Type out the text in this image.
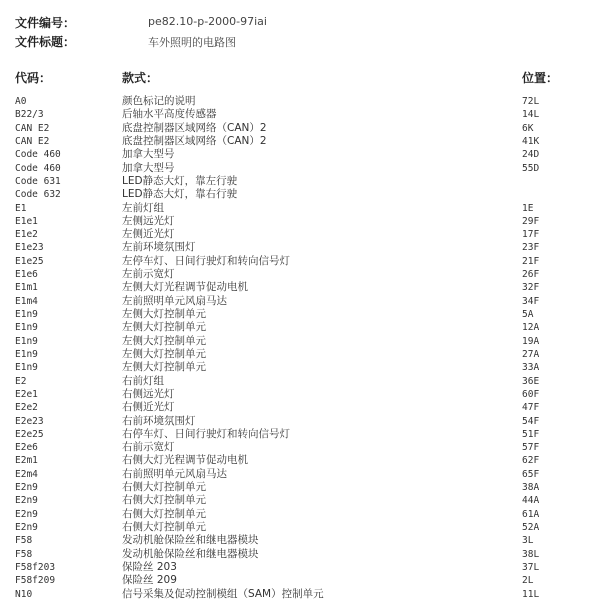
文件编号：	pe82.10-p-2000-97iai
文件标题：	车外照明的电路图
代码：	款式：	位置：
A0	颜色标记的说明	72L
B22/3	后轴水平高度传感器	14L
CAN E2	底盘控制器区域网络（CAN）2	6K
CAN E2	底盘控制器区域网络（CAN）2	41K
Code 460	加拿大型号	24D
Code 460	加拿大型号	55D
Code 631	LED静态大灯，靠左行驶
Code 632	LED静态大灯，靠右行驶
E1	左前灯组	1E
E1e1	左侧远光灯	29F
E1e2	左侧近光灯	17F
E1e23	左前环境氛围灯	23F
E1e25	左停车灯、日间行驶灯和转向信号灯	21F
E1e6	左前示宽灯	26F
E1m1	左侧大灯光程调节促动电机	32F
E1m4	左前照明单元风扇马达	34F
E1n9	左侧大灯控制单元	5A
E1n9	左侧大灯控制单元	12A
E1n9	左侧大灯控制单元	19A
E1n9	左侧大灯控制单元	27A
E1n9	左侧大灯控制单元	33A
E2	右前灯组	36E
E2e1	右侧远光灯	60F
E2e2	右侧近光灯	47F
E2e23	右前环境氛围灯	54F
E2e25	右停车灯、日间行驶灯和转向信号灯	51F
E2e6	右前示宽灯	57F
E2m1	右侧大灯光程调节促动电机	62F
E2m4	右前照明单元风扇马达	65F
E2n9	右侧大灯控制单元	38A
E2n9	右侧大灯控制单元	44A
E2n9	右侧大灯控制单元	61A
E2n9	右侧大灯控制单元	52A
F58	发动机舱保险丝和继电器模块	3L
F58	发动机舱保险丝和继电器模块	38L
F58f203	保险丝 203	37L
F58f209	保险丝 209	2L
N10	信号采集及促动控制模组（SAM）控制单元	11L
